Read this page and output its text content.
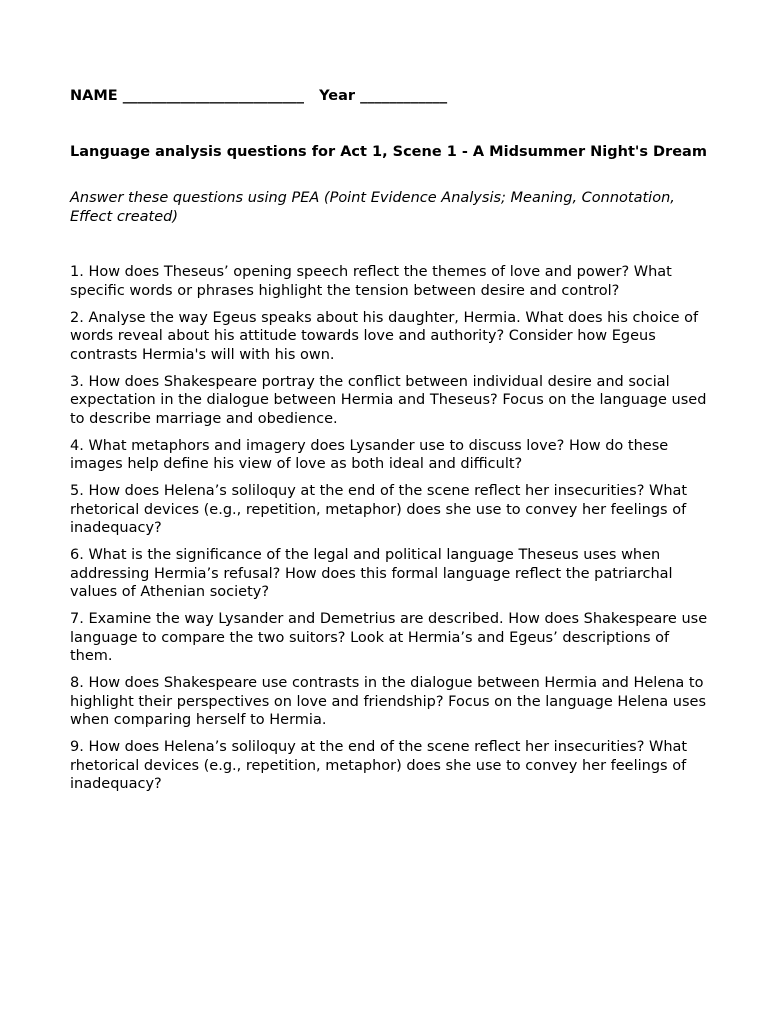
NAME _________________________   Year ____________
Language analysis questions for Act 1, Scene 1 - A Midsummer Night's Dream
Answer these questions using PEA (Point Evidence Analysis; Meaning, Connotation, Effect created)
1. How does Theseus’ opening speech reflect the themes of love and power? What specific words or phrases highlight the tension between desire and control?
2. Analyse the way Egeus speaks about his daughter, Hermia. What does his choice of words reveal about his attitude towards love and authority? Consider how Egeus contrasts Hermia's will with his own.
3. How does Shakespeare portray the conflict between individual desire and social expectation in the dialogue between Hermia and Theseus? Focus on the language used to describe marriage and obedience.
4. What metaphors and imagery does Lysander use to discuss love? How do these images help define his view of love as both ideal and difficult?
5. How does Helena’s soliloquy at the end of the scene reflect her insecurities? What rhetorical devices (e.g., repetition, metaphor) does she use to convey her feelings of inadequacy?
6. What is the significance of the legal and political language Theseus uses when addressing Hermia’s refusal? How does this formal language reflect the patriarchal values of Athenian society?
7. Examine the way Lysander and Demetrius are described. How does Shakespeare use language to compare the two suitors? Look at Hermia’s and Egeus’ descriptions of them.
8. How does Shakespeare use contrasts in the dialogue between Hermia and Helena to highlight their perspectives on love and friendship? Focus on the language Helena uses when comparing herself to Hermia.
9. How does Helena’s soliloquy at the end of the scene reflect her insecurities? What rhetorical devices (e.g., repetition, metaphor) does she use to convey her feelings of inadequacy?
